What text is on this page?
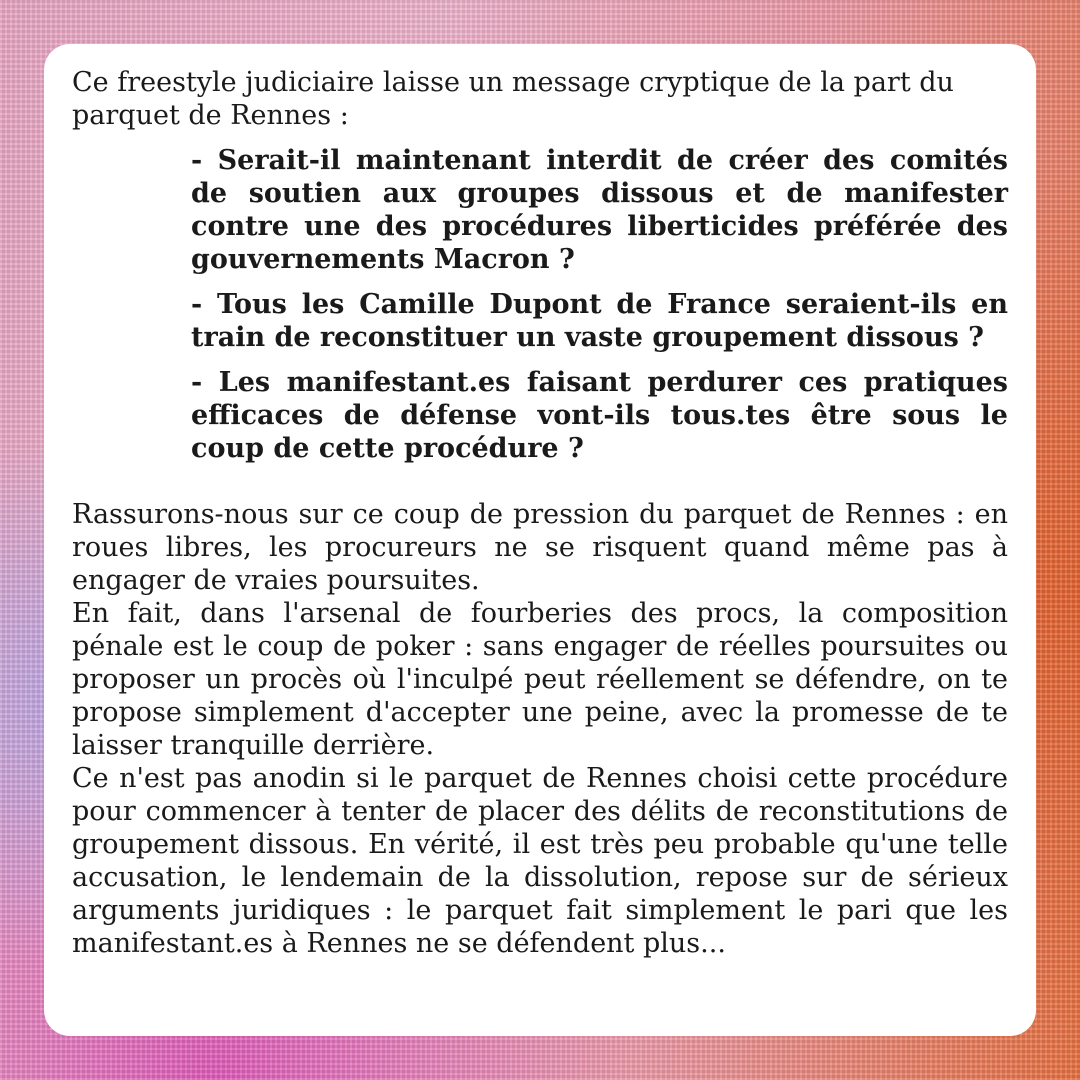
Ce freestyle judiciaire laisse un message cryptique de la part du parquet de Rennes :

- Serait-il maintenant interdit de créer des comités de soutien aux groupes dissous et de manifester contre une des procédures liberticides préférée des gouvernements Macron ?
- Tous les Camille Dupont de France seraient-ils en train de reconstituer un vaste groupement dissous ?
- Les manifestant.es faisant perdurer ces pratiques efficaces de défense vont-ils tous.tes être sous le coup de cette procédure ?

Rassurons-nous sur ce coup de pression du parquet de Rennes : en roues libres, les procureurs ne se risquent quand même pas à engager de vraies poursuites.

En fait, dans l'arsenal de fourberies des procs, la composition pénale est le coup de poker : sans engager de réelles poursuites ou proposer un procès où l'inculpé peut réellement se défendre, on te propose simplement d'accepter une peine, avec la promesse de te laisser tranquille derrière.

Ce n'est pas anodin si le parquet de Rennes choisi cette procédure pour commencer à tenter de placer des délits de reconstitutions de groupement dissous. En vérité, il est très peu probable qu'une telle accusation, le lendemain de la dissolution, repose sur de sérieux arguments juridiques : le parquet fait simplement le pari que les manifestant.es à Rennes ne se défendent plus...
